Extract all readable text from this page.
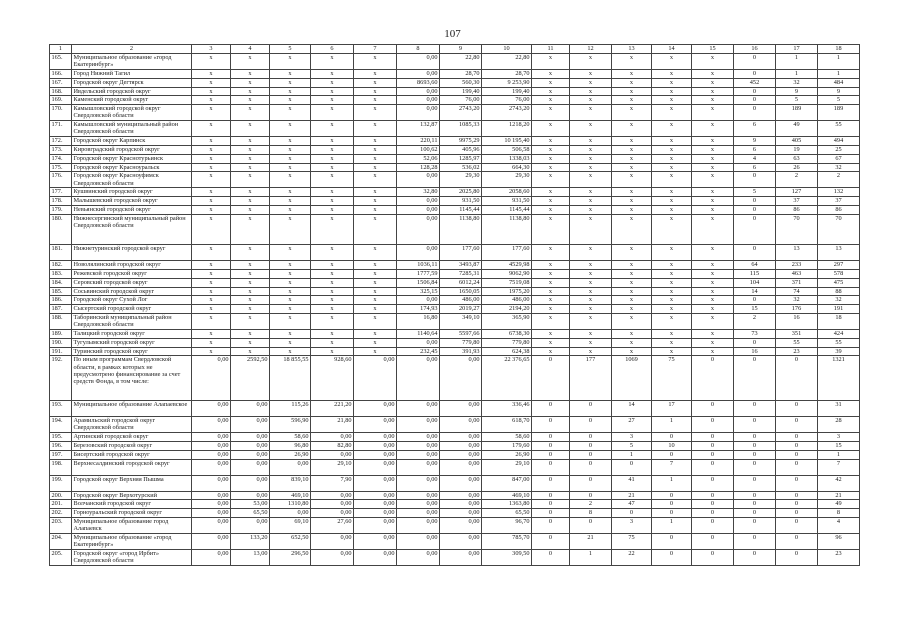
107
1	2	3	4	5	6	7	8	9	10	11	12	13	14	15	16	17	18
165.	Муниципальное образование «город Екатеринбург»	x	x	x	x	x	0,00	22,80	22,80	x	x	x	x	x	0	1	1
166.	Город Нижний Тагил	x	x	x	x	x	0,00	28,70	28,70	x	x	x	x	x	0	1	1
167.	Городской округ Дегтярск	x	x	x	x	x	8693,60	560,30	9 253,90	x	x	x	x	x	452	32	484
168.	Ивдельский городской округ	x	x	x	x	x	0,00	199,40	199,40	x	x	x	x	x	0	9	9
169.	Каменский городской округ	x	x	x	x	x	0,00	76,00	76,00	x	x	x	x	x	0	5	5
170.	Камышловский городской округ Свердловской области	x	x	x	x	x	0,00	2743,20	2743,20	x	x	x	x	x	0	189	189
171.	Камышловский муниципальный район Свердловской области	x	x	x	x	x	132,87	1085,33	1218,20	x	x	x	x	x	6	49	55
172.	Городской округ Карпинск	x	x	x	x	x	220,11	9975,29	10 195,40	x	x	x	x	x	9	405	494
173.	Кировградский городской округ	x	x	x	x	x	100,62	405,96	506,58	x	x	x	x	x	6	19	25
174.	Городской округ Краснотурьинск	x	x	x	x	x	52,06	1285,97	1338,03	x	x	x	x	x	4	63	67
175.	Городской округ Красноуральск	x	x	x	x	x	128,28	536,02	664,30	x	x	x	x	x	6	26	32
176.	Городской округ Красноуфимск Свердловской области	x	x	x	x	x	0,00	29,30	29,30	x	x	x	x	x	0	2	2
177.	Кушвинский городской округ	x	x	x	x	x	32,80	2025,80	2058,60	x	x	x	x	x	5	127	132
178.	Малышевский городской округ	x	x	x	x	x	0,00	931,50	931,50	x	x	x	x	x	0	37	37
179.	Невьянский городской округ	x	x	x	x	x	0,00	1145,44	1145,44	x	x	x	x	x	0	86	86
180.	Нижнесергинский муниципальный район Свердловской области	x	x	x	x	x	0,00	1138,80	1138,80	x	x	x	x	x	0	70	70
181.	Нижнетуринский городской округ	x	x	x	x	x	0,00	177,60	177,60	x	x	x	x	x	0	13	13
182.	Новолялинский городской округ	x	x	x	x	x	1036,11	3493,87	4529,98	x	x	x	x	x	64	233	297
183.	Режевской городской округ	x	x	x	x	x	1777,59	7285,31	9062,90	x	x	x	x	x	115	463	578
184.	Серовский городской округ	x	x	x	x	x	1506,84	6012,24	7519,08	x	x	x	x	x	104	371	475
185.	Сосьвинский городской округ	x	x	x	x	x	325,15	1650,05	1975,20	x	x	x	x	x	14	74	88
186.	Городской округ Сухой Лог	x	x	x	x	x	0,00	486,00	486,00	x	x	x	x	x	0	32	32
187.	Сысертский городской округ	x	x	x	x	x	174,93	2019,27	2194,20	x	x	x	x	x	15	176	191
188.	Таборинский муниципальный район Свердловской области	x	x	x	x	x	16,80	349,10	365,90	x	x	x	x	x	2	16	18
189.	Талицкий городской округ	x	x	x	x	x	1140,64	5597,66	6738,30	x	x	x	x	x	73	351	424
190.	Тугулымский городской округ	x	x	x	x	x	0,00	779,80	779,80	x	x	x	x	x	0	55	55
191.	Туринский городской округ	x	x	x	x	x	232,45	391,93	624,38	x	x	x	x	x	16	23	39
192.	По иным программам Свердловской области, в рамках которых не предусмотрено финансирование за счет средств Фонда, в том числе:	0,00	2592,50	18 855,55	928,60	0,00	0,00	0,00	22 376,65	0	177	1069	75	0	0	0	1321
193.	Муниципальное образование Алапаевское	0,00	0,00	115,26	221,20	0,00	0,00	0,00	336,46	0	0	14	17	0	0	0	31
194.	Арамильский городской округ Свердловской области	0,00	0,00	596,90	21,80	0,00	0,00	0,00	618,70	0	0	27	1	0	0	0	28
195.	Артинский городской округ	0,00	0,00	58,60	0,00	0,00	0,00	0,00	58,60	0	0	3	0	0	0	0	3
196.	Березовский городской округ	0,00	0,00	96,80	82,80	0,00	0,00	0,00	179,60	0	0	5	10	0	0	0	15
197.	Бисертский городской округ	0,00	0,00	26,90	0,00	0,00	0,00	0,00	26,90	0	0	1	0	0	0	0	1
198.	Верхнесалдинский городской округ	0,00	0,00	0,00	29,10	0,00	0,00	0,00	29,10	0	0	0	7	0	0	0	7
199.	Городской округ Верхняя Пышма	0,00	0,00	839,10	7,90	0,00	0,00	0,00	847,00	0	0	41	1	0	0	0	42
200.	Городской округ Верхотурский	0,00	0,00	469,10	0,00	0,00	0,00	0,00	469,10	0	0	21	0	0	0	0	21
201.	Волчанский городской округ	0,00	53,00	1310,80	0,00	0,00	0,00	0,00	1363,80	0	2	47	0	0	0	0	49
202.	Горноуральский городской округ	0,00	65,50	0,00	0,00	0,00	0,00	0,00	65,50	0	8	0	0	0	0	0	8
203.	Муниципальное образование город Алапаевск	0,00	0,00	69,10	27,60	0,00	0,00	0,00	96,70	0	0	3	1	0	0	0	4
204.	Муниципальное образование «город Екатеринбург»	0,00	133,20	652,50	0,00	0,00	0,00	0,00	785,70	0	21	75	0	0	0	0	96
205.	Городской округ «город Ирбит» Свердловской области	0,00	13,00	296,50	0,00	0,00	0,00	0,00	309,50	0	1	22	0	0	0	0	23
